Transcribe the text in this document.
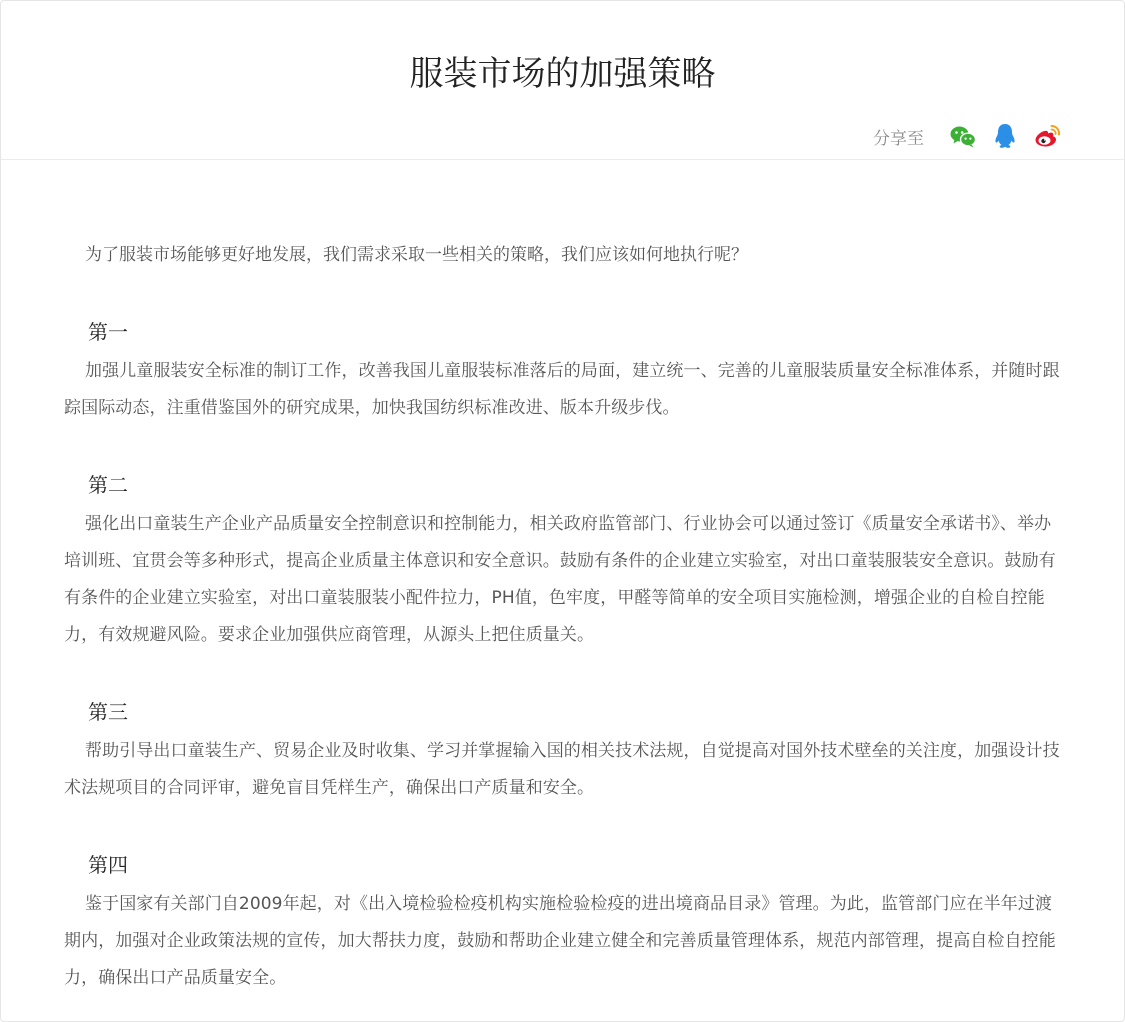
服装市场的加强策略
分享至

为了服装市场能够更好地发展，我们需求采取一些相关的策略，我们应该如何地执行呢？

第一

加强儿童服装安全标准的制订工作，改善我国儿童服装标准落后的局面，建立统一、完善的儿童服装质量安全标准体系，并随时跟踪国际动态，注重借鉴国外的研究成果，加快我国纺织标准改进、版本升级步伐。

第二

强化出口童装生产企业产品质量安全控制意识和控制能力，相关政府监管部门、行业协会可以通过签订《质量安全承诺书》、举办培训班、宜贯会等多种形式，提高企业质量主体意识和安全意识。鼓励有条件的企业建立实验室，对出口童装服装安全意识。鼓励有有条件的企业建立实验室，对出口童装服装小配件拉力，PH值，色牢度，甲醛等简单的安全项目实施检测，增强企业的自检自控能力，有效规避风险。要求企业加强供应商管理，从源头上把住质量关。

第三

帮助引导出口童装生产、贸易企业及时收集、学习并掌握输入国的相关技术法规，自觉提高对国外技术壁垒的关注度，加强设计技术法规项目的合同评审，避免盲目凭样生产，确保出口产质量和安全。

第四

鉴于国家有关部门自2009年起，对《出入境检验检疫机构实施检验检疫的进出境商品目录》管理。为此，监管部门应在半年过渡期内，加强对企业政策法规的宣传，加大帮扶力度，鼓励和帮助企业建立健全和完善质量管理体系，规范内部管理，提高自检自控能力，确保出口产品质量安全。
